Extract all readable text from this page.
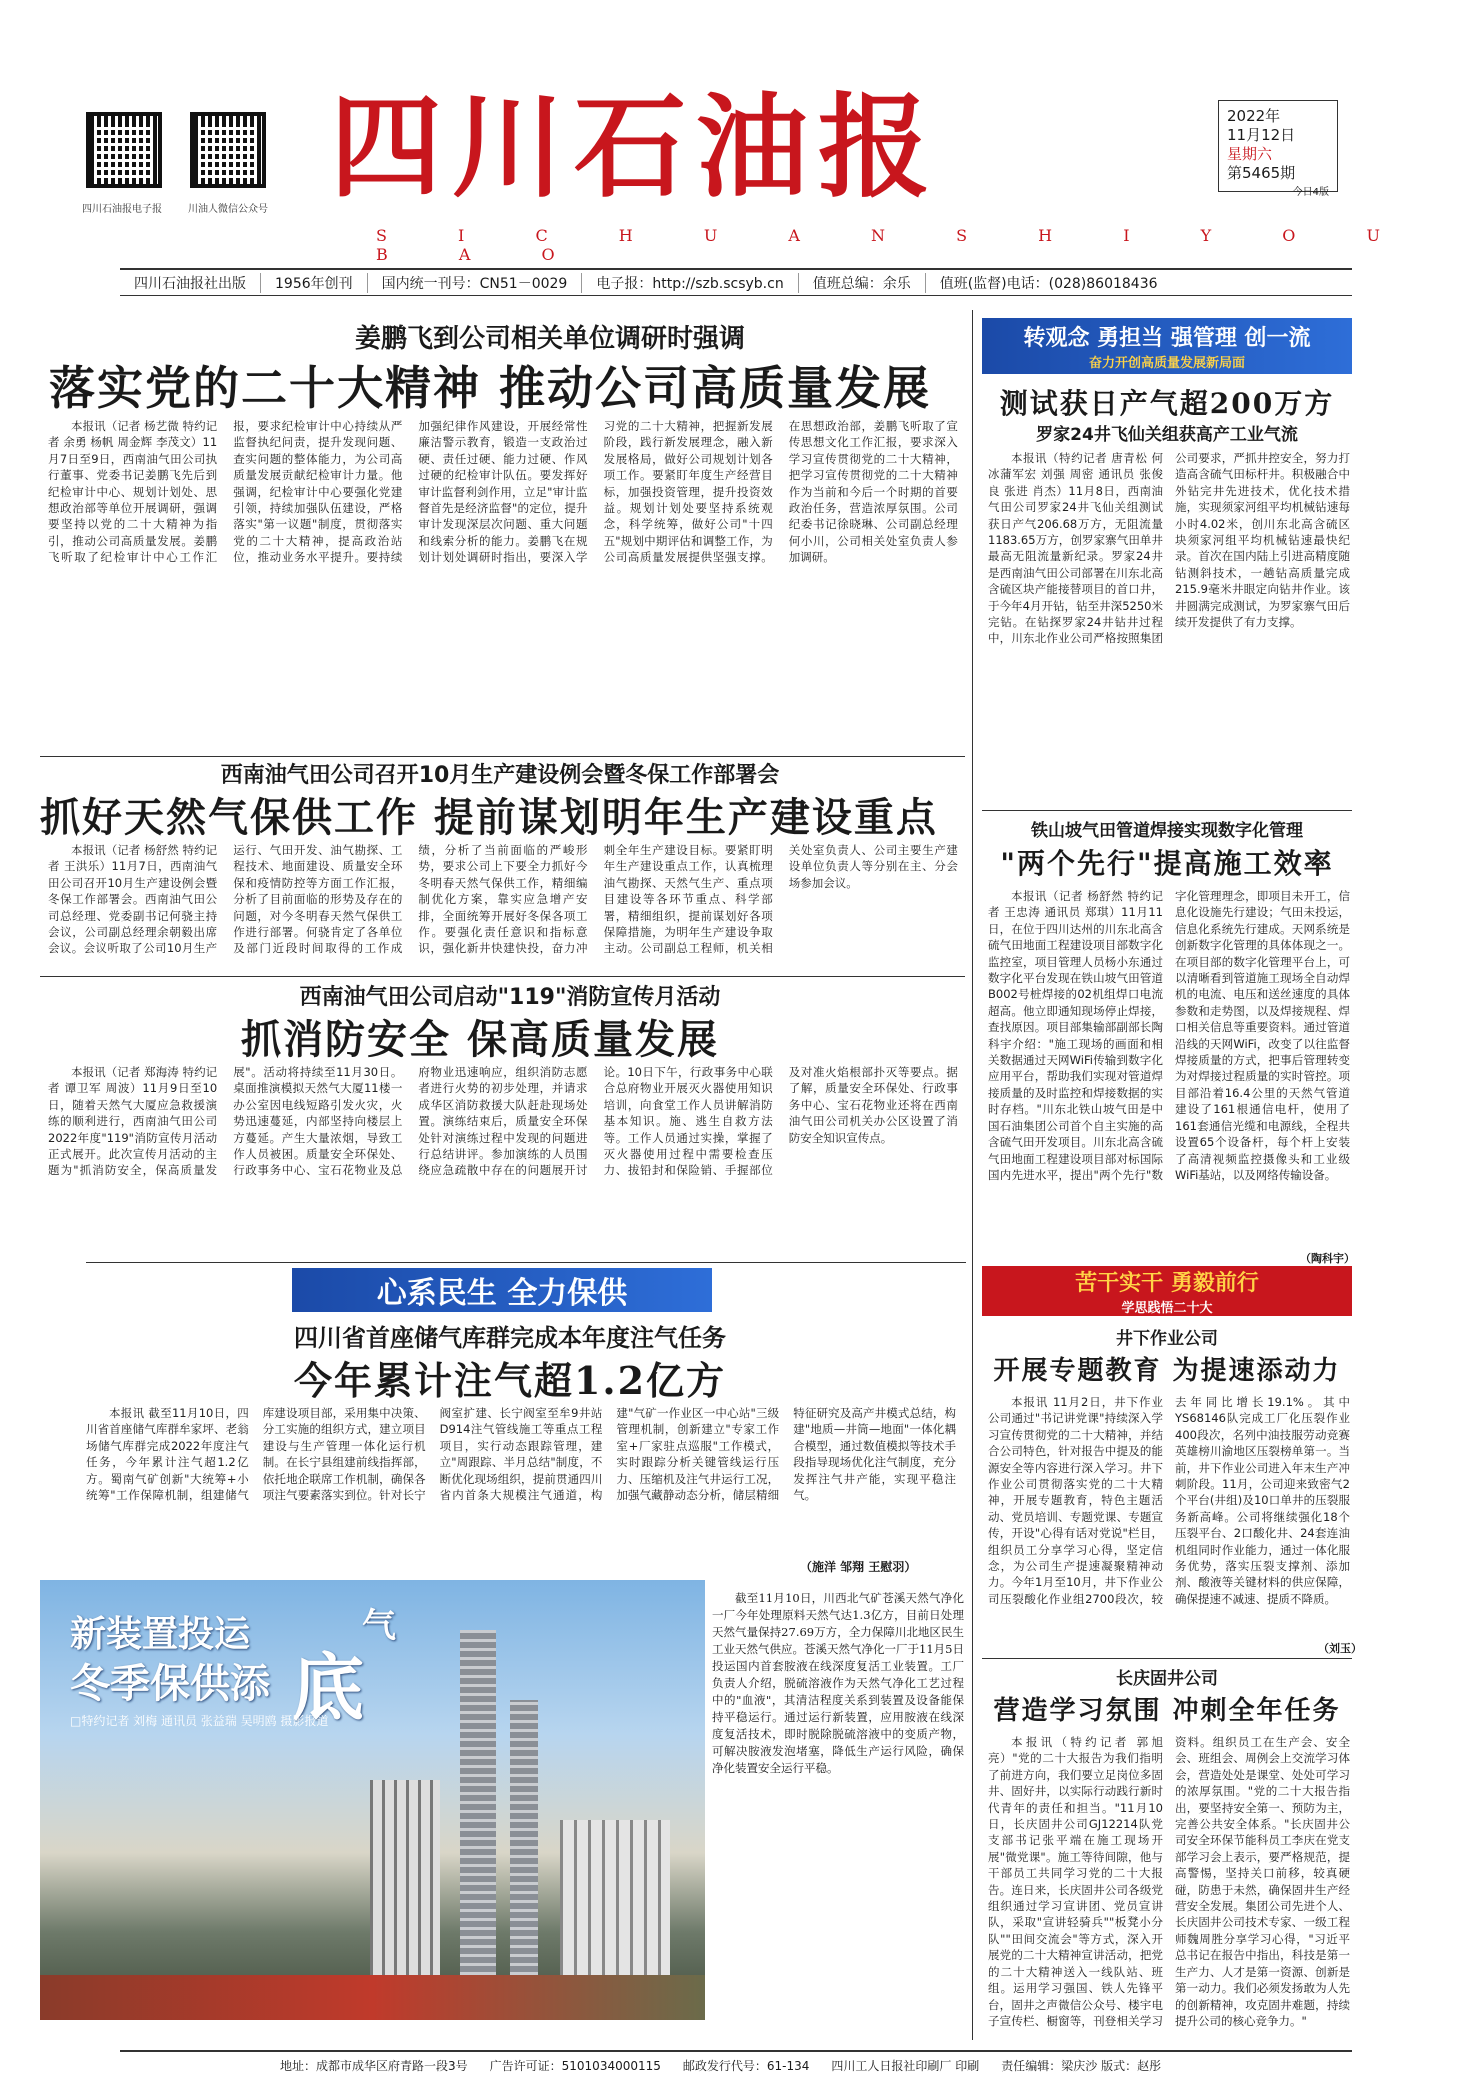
四川石油报电子报	川油人微信公众号 四川石油报
S I C H U A N S H I Y O U B A O
2022年
11月12日
星期六
第5465期
今日4版
四川石油报社出版	1956年创刊	国内统一刊号：CN51－0029	电子报：http://szb.scsyb.cn	值班总编：余乐	值班(监督)电话：(028)86018436
姜鹏飞到公司相关单位调研时强调
落实党的二十大精神 推动公司高质量发展

本报讯（记者 杨艺微 特约记者 余勇 杨帆 周金辉 李茂文）11月7日至9日，西南油气田公司执行董事、党委书记姜鹏飞先后到纪检审计中心、规划计划处、思想政治部等单位开展调研，强调要坚持以党的二十大精神为指引，推动公司高质量发展。姜鹏飞听取了纪检审计中心工作汇报，要求纪检审计中心持续从严监督执纪问责，提升发现问题、查实问题的整体能力，为公司高质量发展贡献纪检审计力量。他强调，纪检审计中心要强化党建引领，持续加强队伍建设，严格落实"第一议题"制度，贯彻落实党的二十大精神，提高政治站位，推动业务水平提升。要持续加强纪律作风建设，开展经常性廉洁警示教育，锻造一支政治过硬、责任过硬、能力过硬、作风过硬的纪检审计队伍。要发挥好审计监督利剑作用，立足"审计监督首先是经济监督"的定位，提升审计发现深层次问题、重大问题和线索分析的能力。姜鹏飞在规划计划处调研时指出，要深入学习党的二十大精神，把握新发展阶段，践行新发展理念，融入新发展格局，做好公司规划计划各项工作。要紧盯年度生产经营目标，加强投资管理，提升投资效益。规划计划处要坚持系统观念，科学统筹，做好公司"十四五"规划中期评估和调整工作，为公司高质量发展提供坚强支撑。在思想政治部，姜鹏飞听取了宣传思想文化工作汇报，要求深入学习宣传贯彻党的二十大精神，把学习宣传贯彻党的二十大精神作为当前和今后一个时期的首要政治任务，营造浓厚氛围。公司纪委书记徐晓琳、公司副总经理何小川，公司相关处室负责人参加调研。

西南油气田公司召开10月生产建设例会暨冬保工作部署会
抓好天然气保供工作 提前谋划明年生产建设重点

本报讯（记者 杨舒然 特约记者 王洪乐）11月7日，西南油气田公司召开10月生产建设例会暨冬保工作部署会。西南油气田公司总经理、党委副书记何骁主持会议，公司副总经理余朝毅出席会议。会议听取了公司10月生产运行、气田开发、油气勘探、工程技术、地面建设、质量安全环保和疫情防控等方面工作汇报，分析了目前面临的形势及存在的问题，对今冬明春天然气保供工作进行部署。何骁肯定了各单位及部门近段时间取得的工作成绩，分析了当前面临的严峻形势，要求公司上下要全力抓好今冬明春天然气保供工作，精细编制优化方案，靠实应急增产安排，全面统筹开展好冬保各项工作。要强化责任意识和指标意识，强化新井快建快投，奋力冲刺全年生产建设目标。要紧盯明年生产建设重点工作，认真梳理油气勘探、天然气生产、重点项目建设等各环节重点、科学部署，精细组织，提前谋划好各项保障措施，为明年生产建设争取主动。公司副总工程师，机关相关处室负责人、公司主要生产建设单位负责人等分别在主、分会场参加会议。

西南油气田公司启动"119"消防宣传月活动
抓消防安全 保高质量发展

本报讯（记者 郑海涛 特约记者 谭卫军 周波）11月9日至10日，随着天然气大厦应急救援演练的顺利进行，西南油气田公司2022年度"119"消防宣传月活动正式展开。此次宣传月活动的主题为"抓消防安全，保高质量发展"。活动将持续至11月30日。桌面推演模拟天然气大厦11楼一办公室因电线短路引发火灾，火势迅速蔓延，内部坚持向楼层上方蔓延。产生大量浓烟，导致工作人员被困。质量安全环保处、行政事务中心、宝石花物业及总府物业迅速响应，组织消防志愿者进行火势的初步处理，并请求成华区消防救援大队赶赴现场处置。演练结束后，质量安全环保处针对演练过程中发现的问题进行总结讲评。参加演练的人员围绕应急疏散中存在的问题展开讨论。10日下午，行政事务中心联合总府物业开展灭火器使用知识培训，向食堂工作人员讲解消防基本知识。施、逃生自救方法等。工作人员通过实操，掌握了灭火器使用过程中需要检查压力、拔铅封和保险销、手握部位及对准火焰根部扑灭等要点。据了解，质量安全环保处、行政事务中心、宝石花物业还将在西南油气田公司机关办公区设置了消防安全知识宣传点。

心系民生 全力保供
四川省首座储气库群完成本年度注气任务
今年累计注气超1.2亿方

本报讯 截至11月10日，四川省首座储气库群牟家坪、老翁场储气库群完成2022年度注气任务，今年累计注气超1.2亿方。蜀南气矿创新"大统筹+小统筹"工作保障机制，组建储气库建设项目部，采用集中决策、分工实施的组织方式，建立项目建设与生产管理一体化运行机制。在长宁县组建前线指挥部，依托地企联席工作机制，确保各项注气要素落实到位。针对长宁阀室扩建、长宁阀室至牟9井站D914注气管线施工等重点工程项目，实行动态跟踪管理，建立"周跟踪、半月总结"制度，不断优化现场组织，提前贯通四川省内首条大规模注气通道，构建"气矿一作业区一中心站"三级管理机制，创新建立"专家工作室+厂家驻点巡服"工作模式，实时跟踪分析关键管线运行压力、压缩机及注气井运行工况，加强气藏静动态分析，储层精细特征研究及高产井模式总结，构建"地质—井筒—地面"一体化耦合模型，通过数值模拟等技术手段指导现场优化注气制度，充分发挥注气井产能，实现平稳注气。

（施洋 邹翔 王慰羽）
新装置投运
冬季保供添 底
气
□特约记者 刘梅 通讯员 张益瑞 吴明鸥 摄影报道
截至11月10日，川西北气矿苍溪天然气净化一厂今年处理原料天然气达1.3亿方，目前日处理天然气量保持27.69万方，全力保障川北地区民生工业天然气供应。苍溪天然气净化一厂于11月5日投运国内首套胺液在线深度复活工业装置。工厂负责人介绍，脱硫溶液作为天然气净化工艺过程中的"血液"，其清洁程度关系到装置及设备能保持平稳运行。通过运行新装置，应用胺液在线深度复活技术，即时脱除脱硫溶液中的变质产物，可解决胺液发泡堵塞，降低生产运行风险，确保净化装置安全运行平稳。
转观念 勇担当 强管理 创一流
奋力开创高质量发展新局面
测试获日产气超200万方
罗家24井飞仙关组获高产工业气流

本报讯（特约记者 唐青松 何冰蒲军宏 刘强 周密 通讯员 张俊良 张进 肖杰）11月8日，西南油气田公司罗家24井飞仙关组测试获日产气206.68万方，无阻流量1183.65万方，创罗家寨气田单井最高无阻流量新纪录。罗家24井是西南油气田公司部署在川东北高含硫区块产能接替项目的首口井，于今年4月开钻，钻至井深5250米完钻。在钻探罗家24井钻井过程中，川东北作业公司严格按照集团公司要求，严抓井控安全，努力打造高含硫气田标杆井。积极融合中外钻完井先进技术，优化技术措施，实现须家河组平均机械钻速每小时4.02米，创川东北高含硫区块须家河组平均机械钻速最快纪录。首次在国内陆上引进高精度随钻测斜技术，一趟钻高质量完成215.9毫米井眼定向钻井作业。该井圆满完成测试，为罗家寨气田后续开发提供了有力支撑。

铁山坡气田管道焊接实现数字化管理
"两个先行"提高施工效率

本报讯（记者 杨舒然 特约记者 王忠涛 通讯员 郑琪）11月11日，在位于四川达州的川东北高含硫气田地面工程建设项目部数字化监控室，项目管理人员杨小东通过数字化平台发现在铁山坡气田管道B002号桩焊接的02机组焊口电流超高。他立即通知现场停止焊接，查找原因。项目部集输部副部长陶科宇介绍："施工现场的画面和相关数据通过天网WiFi传输到数字化应用平台，帮助我们实现对管道焊接质量的及时监控和焊接数据的实时存档。"川东北铁山坡气田是中国石油集团公司首个自主实施的高含硫气田开发项目。川东北高含硫气田地面工程建设项目部对标国际国内先进水平，提出"两个先行"数字化管理理念，即项目未开工，信息化设施先行建设；气田未投运，信息化系统先行建成。天网系统是创新数字化管理的具体体现之一。在项目部的数字化管理平台上，可以清晰看到管道施工现场全自动焊机的电流、电压和送丝速度的具体参数和走势图，以及焊接规程、焊口相关信息等重要资料。通过管道沿线的天网WiFi，改变了以往监督焊接质量的方式，把事后管理转变为对焊接过程质量的实时管控。项目部沿着16.4公里的天然气管道建设了161根通信电杆，使用了161套通信光缆和电源线，全程共设置65个设备杆，每个杆上安装了高清视频监控摄像头和工业级WiFi基站，以及网络传输设备。

（陶科宇）
苦干实干 勇毅前行
学思践悟二十大
井下作业公司
开展专题教育 为提速添动力

本报讯 11月2日，井下作业公司通过"书记讲党课"持续深入学习宣传贯彻党的二十大精神，并结合公司特色，针对报告中提及的能源安全等内容进行深入学习。井下作业公司贯彻落实党的二十大精神，开展专题教育，特色主题活动、党员培训、专题党课、专题宣传，开设"心得有话对党说"栏目，组织员工分享学习心得，坚定信念，为公司生产提速凝聚精神动力。今年1月至10月，井下作业公司压裂酸化作业组2700段次，较去年同比增长19.1%。其中YS68146队完成工厂化压裂作业400段次，名列中油技服劳动竞赛英雄榜川渝地区压裂榜单第一。当前，井下作业公司进入年末生产冲刺阶段。11月，公司迎来致密气2个平台(井组)及10口单井的压裂服务新高峰。公司将继续强化18个压裂平台、2口酸化井、24套连油机组同时作业能力，通过一体化服务优势，落实压裂支撑剂、添加剂、酸液等关键材料的供应保障，确保提速不减速、提质不降质。

（刘玉）
长庆固井公司
营造学习氛围 冲刺全年任务

本报讯（特约记者 郭旭亮）"党的二十大报告为我们指明了前进方向，我们要立足岗位多固井、固好井，以实际行动践行新时代青年的责任和担当。"11月10日，长庆固井公司GJ12214队党支部书记张平端在施工现场开展"微党课"。施工等待间隙，他与干部员工共同学习党的二十大报告。连日来，长庆固井公司各级党组织通过学习宣讲团、党员宣讲队，采取"宣讲轻骑兵""板凳小分队""田间交流会"等方式，深入开展党的二十大精神宣讲活动，把党的二十大精神送入一线队站、班组。运用学习强国、铁人先锋平台，固井之声微信公众号、楼宇电子宣传栏、橱窗等，刊登相关学习资料。组织员工在生产会、安全会、班组会、周例会上交流学习体会，营造处处是课堂、处处可学习的浓厚氛围。"党的二十大报告指出，要坚持安全第一、预防为主，完善公共安全体系。"长庆固井公司安全环保节能科员工李庆在党支部学习会上表示，要严格规范，提高警惕，坚持关口前移，较真硬碰，防患于未然，确保固井生产经营安全发展。集团公司先进个人、长庆固井公司技术专家、一级工程师魏周胜分享学习心得，"习近平总书记在报告中指出，科技是第一生产力、人才是第一资源、创新是第一动力。我们必须发扬敢为人先的创新精神，攻克固井难题，持续提升公司的核心竞争力。"

地址：成都市成华区府青路一段3号 广告许可证：5101034000115 邮政发行代号：61-134 四川工人日报社印刷厂 印刷 责任编辑：梁庆沙 版式：赵彤
